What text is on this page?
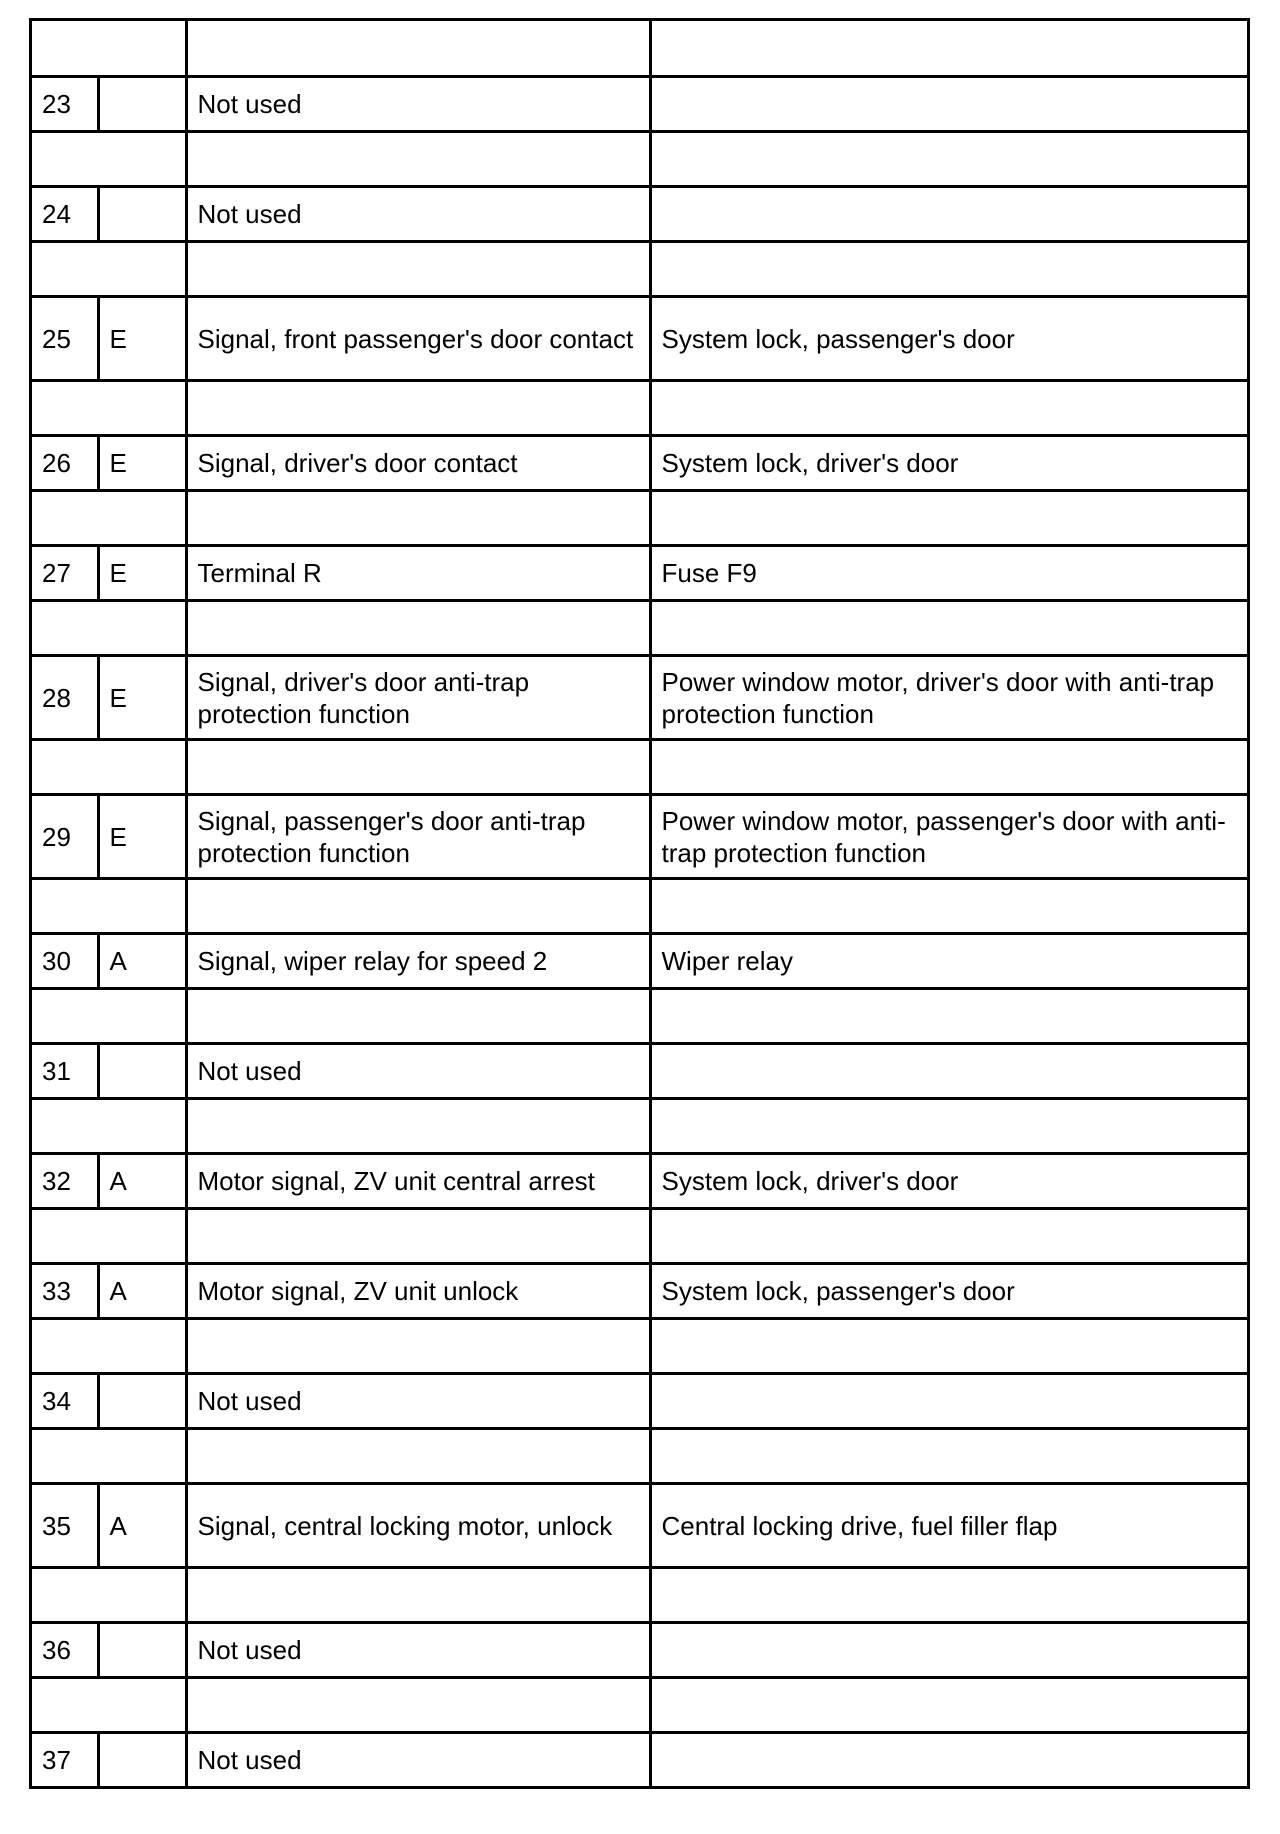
23		Not used	

24		Not used	

25	E	Signal, front passenger's door contact	System lock, passenger's door

26	E	Signal, driver's door contact	System lock, driver's door

27	E	Terminal R	Fuse F9

28	E	Signal, driver's door anti-trap protection function	Power window motor, driver's door with anti-trap protection function

29	E	Signal, passenger's door anti-trap protection function	Power window motor, passenger's door with anti-trap protection function

30	A	Signal, wiper relay for speed 2	Wiper relay

31		Not used	

32	A	Motor signal, ZV unit central arrest	System lock, driver's door

33	A	Motor signal, ZV unit unlock	System lock, passenger's door

34		Not used	

35	A	Signal, central locking motor, unlock	Central locking drive, fuel filler flap

36		Not used	

37		Not used	
